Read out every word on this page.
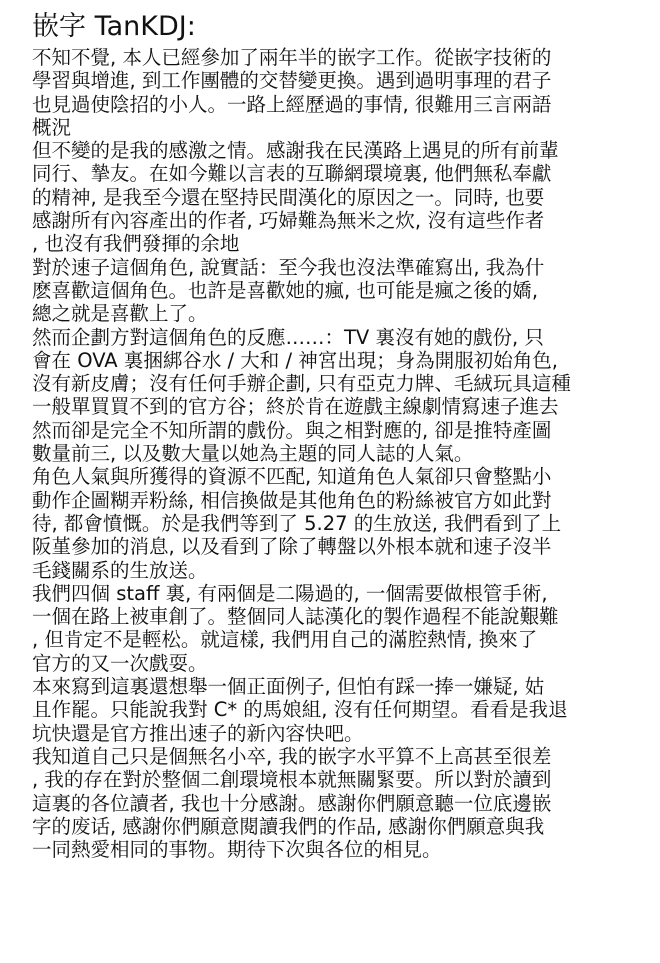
嵌字 TanKDJ:
不知不覺, 本人已經參加了兩年半的嵌字工作。從嵌字技術的
學習與增進, 到工作團體的交替變更換。遇到過明事理的君子
也見過使陰招的小人。一路上經歷過的事情, 很難用三言兩語
概況
但不變的是我的感激之情。感謝我在民漢路上遇見的所有前輩
同行、摯友。在如今難以言表的互聯網環境裏, 他們無私奉獻
的精神, 是我至今還在堅持民間漢化的原因之一。同時, 也要
感謝所有內容產出的作者, 巧婦難為無米之炊, 沒有這些作者
, 也沒有我們發揮的余地
對於速子這個角色, 說實話：至今我也沒法準確寫出, 我為什
麽喜歡這個角色。也許是喜歡她的瘋, 也可能是瘋之後的嬌,
總之就是喜歡上了。
然而企劃方對這個角色的反應……：TV 裏沒有她的戲份, 只
會在 OVA 裏捆綁谷水 / 大和 / 神宮出現；身為開服初始角色,
沒有新皮膚；沒有任何手辦企劃, 只有亞克力牌、毛絨玩具這種
一般單買買不到的官方谷；終於肯在遊戲主線劇情寫速子進去
然而卻是完全不知所謂的戲份。與之相對應的, 卻是推特產圖
數量前三, 以及數大量以她為主題的同人誌的人氣。
角色人氣與所獲得的資源不匹配, 知道角色人氣卻只會整點小
動作企圖糊弄粉絲, 相信換做是其他角色的粉絲被官方如此對
待, 都會憤慨。於是我們等到了 5.27 的生放送, 我們看到了上
阪堇參加的消息, 以及看到了除了轉盤以外根本就和速子沒半
毛錢關系的生放送。
我們四個 staff 裏, 有兩個是二陽過的, 一個需要做根管手術,
一個在路上被車創了。整個同人誌漢化的製作過程不能說艱難
, 但肯定不是輕松。就這樣, 我們用自己的滿腔熱情, 換來了
官方的又一次戲耍。
本來寫到這裏還想舉一個正面例子, 但怕有踩一捧一嫌疑, 姑
且作罷。只能說我對 C* 的馬娘組, 沒有任何期望。看看是我退
坑快還是官方推出速子的新內容快吧。
我知道自己只是個無名小卒, 我的嵌字水平算不上高甚至很差
, 我的存在對於整個二創環境根本就無關緊要。所以對於讀到
這裏的各位讀者, 我也十分感謝。感謝你們願意聽一位底邊嵌
字的废话, 感謝你們願意閱讀我們的作品, 感謝你們願意與我
一同熱愛相同的事物。期待下次與各位的相見。
